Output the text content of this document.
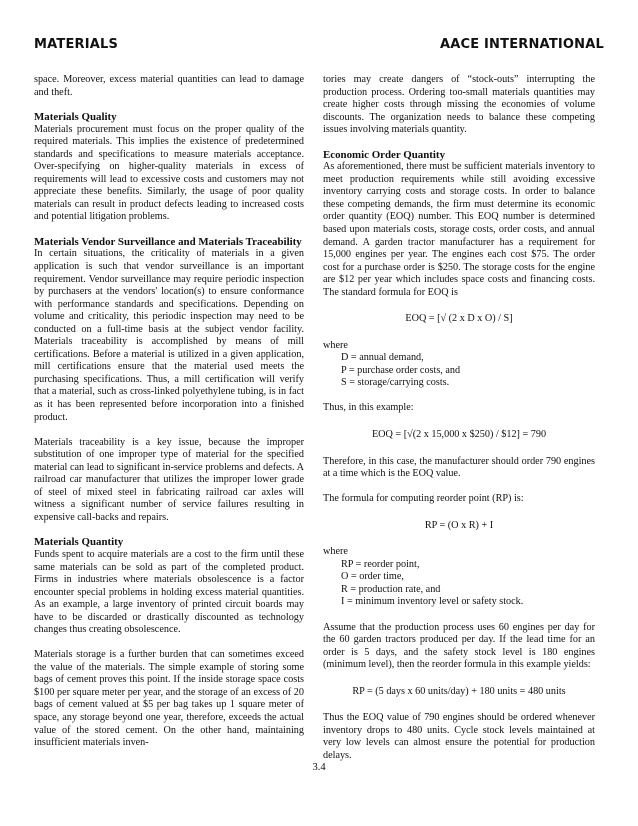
MATERIALS	AACE INTERNATIONAL

space. Moreover, excess material quantities can lead to damage and theft.

Materials Quality

Materials procurement must focus on the proper quality of the required materials. This implies the existence of predetermined standards and specifications to measure materials acceptance. Over-specifying on higher-quality materials in excess of requirements will lead to excessive costs and customers may not appreciate these benefits. Similarly, the usage of poor quality materials can result in product defects leading to increased costs and potential litigation problems.

Materials Vendor Surveillance and Materials Traceability

In certain situations, the criticality of materials in a given application is such that vendor surveillance is an important requirement. Vendor surveillance may require periodic inspection by purchasers at the vendors' location(s) to ensure conformance with performance standards and specifications. Depending on volume and criticality, this periodic inspection may need to be conducted on a full-time basis at the subject vendor facility. Materials traceability is accomplished by means of mill certifications. Before a material is utilized in a given application, mill certifications ensure that the material used meets the purchasing specifications. Thus, a mill certification will verify that a material, such as cross-linked polyethylene tubing, is in fact as it has been represented before incorporation into a finished product.

Materials traceability is a key issue, because the improper substitution of one improper type of material for the specified material can lead to significant in-service problems and defects. A railroad car manufacturer that utilizes the improper lower grade of steel of mixed steel in fabricating railroad car axles will witness a significant number of service failures resulting in expensive call-backs and repairs.

Materials Quantity

Funds spent to acquire materials are a cost to the firm until these same materials can be sold as part of the completed product. Firms in industries where materials obsolescence is a factor encounter special problems in holding excess material quantities. As an example, a large inventory of printed circuit boards may have to be discarded or drastically discounted as technology changes thus creating obsolescence.

Materials storage is a further burden that can sometimes exceed the value of the materials. The simple example of storing some bags of cement proves this point. If the inside storage space costs $100 per square meter per year, and the storage of an excess of 20 bags of cement valued at $5 per bag takes up 1 square meter of space, any storage beyond one year, therefore, exceeds the actual value of the stored cement. On the other hand, maintaining insufficient materials inven-

tories may create dangers of “stock-outs” interrupting the production process. Ordering too-small materials quantities may create higher costs through missing the economies of volume discounts. The organization needs to balance these competing issues involving materials quantity.

Economic Order Quantity

As aforementioned, there must be sufficient materials inventory to meet production requirements while still avoiding excessive inventory carrying costs and storage costs. In order to balance these competing demands, the firm must determine its economic order quantity (EOQ) number. This EOQ number is determined based upon materials costs, storage costs, order costs, and annual demand. A garden tractor manufacturer has a requirement for 15,000 engines per year. The engines each cost $75. The order cost for a purchase order is $250. The storage costs for the engine are $12 per year which includes space costs and financing costs. The standard formula for EOQ is

EOQ = [√ (2 x D x O) / S]

where

D = annual demand,

P = purchase order costs, and

S = storage/carrying costs.

Thus, in this example:

EOQ = [√(2 x 15,000 x $250) / $12] = 790

Therefore, in this case, the manufacturer should order 790 engines at a time which is the EOQ value.

The formula for computing reorder point (RP) is:

RP = (O x R) + I

where

RP = reorder point,

O = order time,

R = production rate, and

I = minimum inventory level or safety stock.

Assume that the production process uses 60 engines per day for the 60 garden tractors produced per day. If the lead time for an order is 5 days, and the safety stock level is 180 engines (minimum level), then the reorder formula in this example yields:

RP = (5 days x 60 units/day) + 180 units = 480 units

Thus the EOQ value of 790 engines should be ordered whenever inventory drops to 480 units. Cycle stock levels maintained at very low levels can almost ensure the potential for production delays.

3.4
